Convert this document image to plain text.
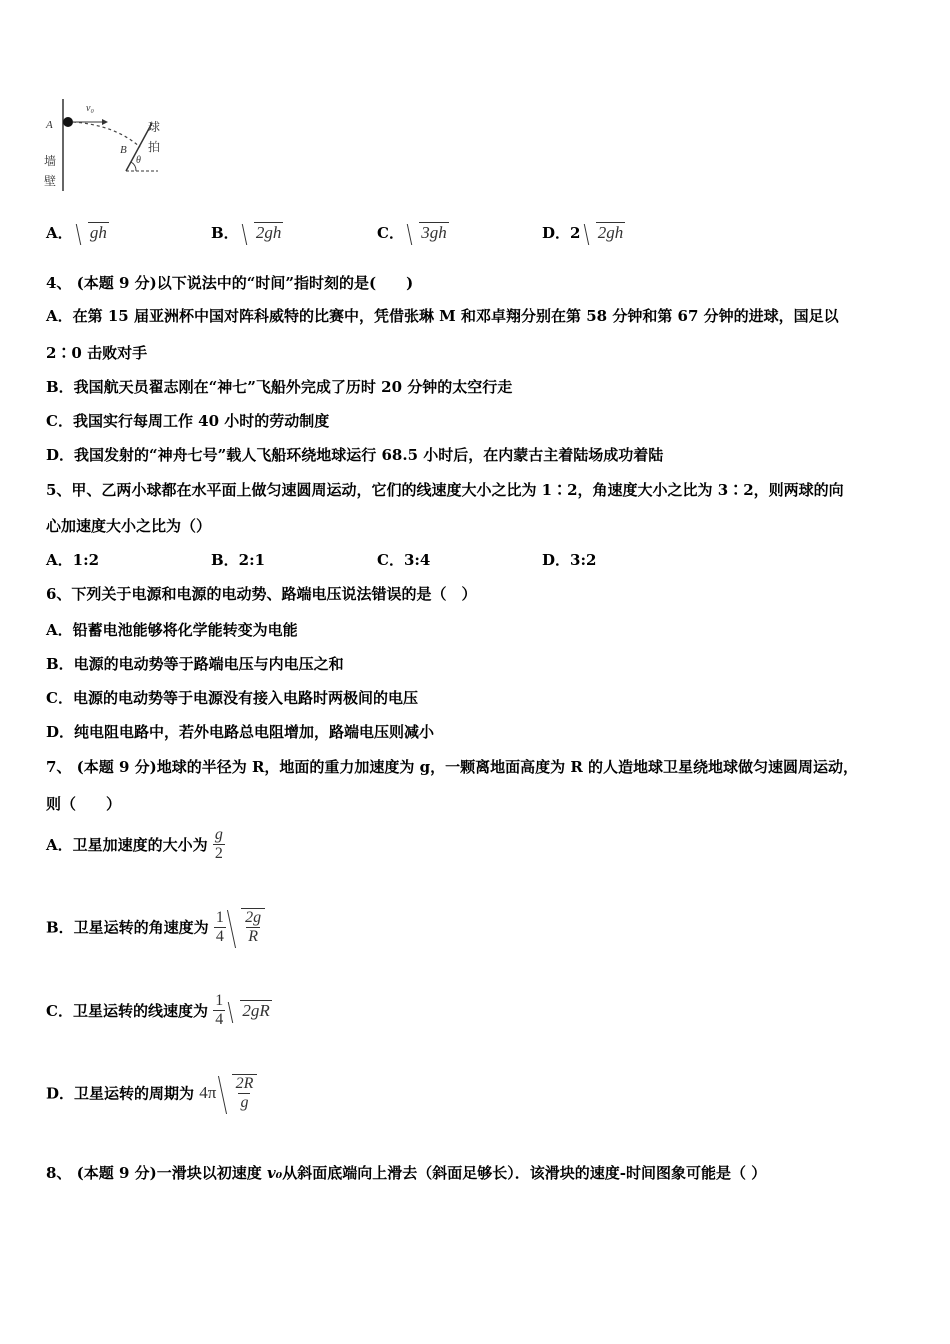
A
v₀
B
θ
球
拍
墙
壁
A． gh	B． 2gh	C． 3gh	D．2 2gh
4、 (本题 9 分)以下说法中的“时间”指时刻的是(　　)
A．在第 15 届亚洲杯中国对阵科威特的比赛中，凭借张琳 M 和邓卓翔分别在第 58 分钟和第 67 分钟的进球，国足以
2∶0 击败对手
B．我国航天员翟志刚在“神七”飞船外完成了历时 20 分钟的太空行走
C．我国实行每周工作 40 小时的劳动制度
D．我国发射的“神舟七号”载人飞船环绕地球运行 68.5 小时后，在内蒙古主着陆场成功着陆
5、甲、乙两小球都在水平面上做匀速圆周运动，它们的线速度大小之比为 1∶2，角速度大小之比为 3∶2，则两球的向
心加速度大小之比为（）
A．1:2	B．2:1	C．3:4	D．3:2
6、下列关于电源和电源的电动势、路端电压说法错误的是（　）
A．铅蓄电池能够将化学能转变为电能
B．电源的电动势等于路端电压与内电压之和
C．电源的电动势等于电源没有接入电路时两极间的电压
D．纯电阻电路中，若外电路总电阻增加，路端电压则减小
7、 (本题 9 分)地球的半径为 R，地面的重力加速度为 g，一颗离地面高度为 R 的人造地球卫星绕地球做匀速圆周运动，
则（　　）
A．卫星加速度的大小为 $\frac{g}{2}$
B．卫星运转的角速度为 $\frac{1}{4}$
$\frac{2g}{R}$
C．卫星运转的线速度为 $\frac{1}{4} 2gR$
D．卫星运转的周期为 $4\pi \frac{2R}{g}$
8、 (本题 9 分)一滑块以初速度 v₀从斜面底端向上滑去（斜面足够长）．该滑块的速度-时间图象可能是（ ）
